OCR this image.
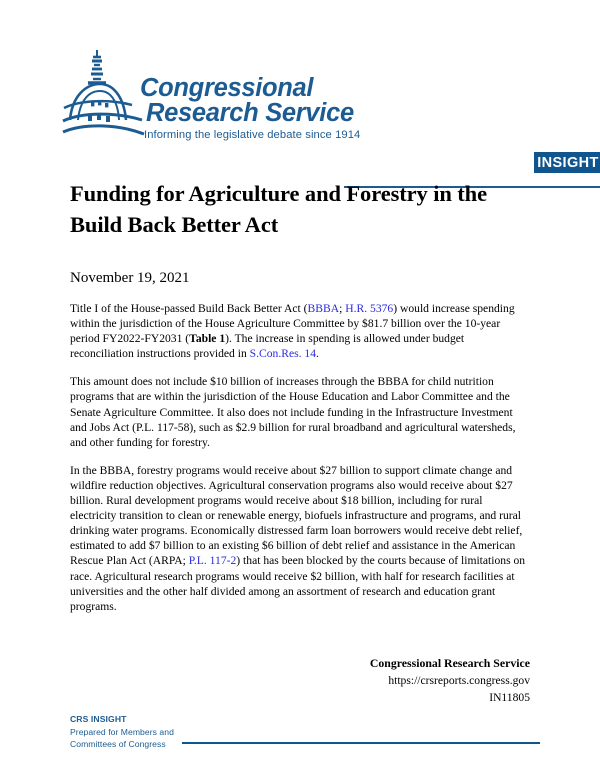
Congressional
Research Service
Informing the legislative debate since 1914
INSIGHT
Funding for Agriculture and Forestry in the Build Back Better Act
November 19, 2021

Title I of the House-passed Build Back Better Act (BBBA; H.R. 5376) would increase spending within the jurisdiction of the House Agriculture Committee by $81.7 billion over the 10-year period FY2022-FY2031 (Table 1). The increase in spending is allowed under budget reconciliation instructions provided in S.Con.Res. 14.

This amount does not include $10 billion of increases through the BBBA for child nutrition programs that are within the jurisdiction of the House Education and Labor Committee and the Senate Agriculture Committee. It also does not include funding in the Infrastructure Investment and Jobs Act (P.L. 117-58), such as $2.9 billion for rural broadband and agricultural watersheds, and other funding for forestry.

In the BBBA, forestry programs would receive about $27 billion to support climate change and wildfire reduction objectives. Agricultural conservation programs also would receive about $27 billion. Rural development programs would receive about $18 billion, including for rural electricity transition to clean or renewable energy, biofuels infrastructure and programs, and rural drinking water programs. Economically distressed farm loan borrowers would receive debt relief, estimated to add $7 billion to an existing $6 billion of debt relief and assistance in the American Rescue Plan Act (ARPA; P.L. 117-2) that has been blocked by the courts because of limitations on race. Agricultural research programs would receive $2 billion, with half for research facilities at universities and the other half divided among an assortment of research and education grant programs.

Congressional Research Service
https://crsreports.congress.gov
IN11805
CRS INSIGHT
Prepared for Members and
Committees of Congress
